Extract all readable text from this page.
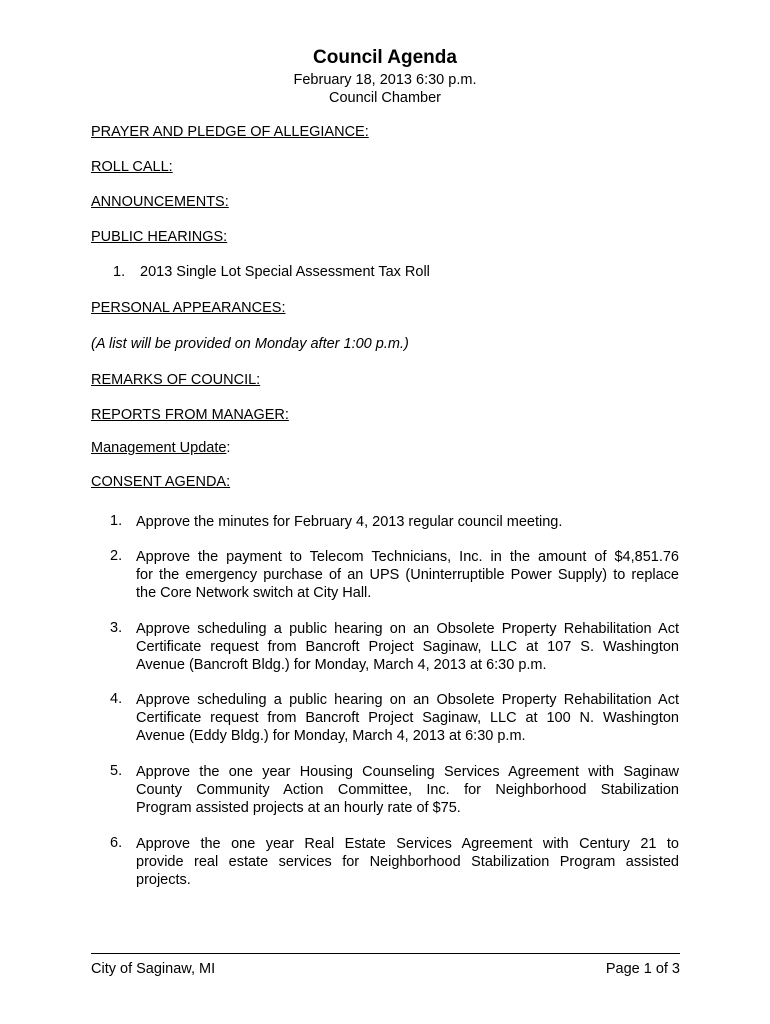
Council Agenda
February 18, 2013 6:30 p.m.
Council Chamber
PRAYER AND PLEDGE OF ALLEGIANCE:
ROLL CALL:
ANNOUNCEMENTS:
PUBLIC HEARINGS:
1. 2013 Single Lot Special Assessment Tax Roll
PERSONAL APPEARANCES:
(A list will be provided on Monday after 1:00 p.m.)
REMARKS OF COUNCIL:
REPORTS FROM MANAGER:
Management Update:
CONSENT AGENDA:
1. Approve the minutes for February 4, 2013 regular council meeting.
2. Approve the payment to Telecom Technicians, Inc. in the amount of $4,851.76
for the emergency purchase of an UPS (Uninterruptible Power Supply) to replace
the Core Network switch at City Hall.
3. Approve scheduling a public hearing on an Obsolete Property Rehabilitation Act
Certificate request from Bancroft Project Saginaw, LLC at 107 S. Washington
Avenue (Bancroft Bldg.) for Monday, March 4, 2013 at 6:30 p.m.
4. Approve scheduling a public hearing on an Obsolete Property Rehabilitation Act
Certificate request from Bancroft Project Saginaw, LLC at 100 N. Washington
Avenue (Eddy Bldg.) for Monday, March 4, 2013 at 6:30 p.m.
5. Approve the one year Housing Counseling Services Agreement with Saginaw
County Community Action Committee, Inc. for Neighborhood Stabilization
Program assisted projects at an hourly rate of $75.
6. Approve the one year Real Estate Services Agreement with Century 21 to
provide real estate services for Neighborhood Stabilization Program assisted
projects.
City of Saginaw, MI	Page 1 of 3
